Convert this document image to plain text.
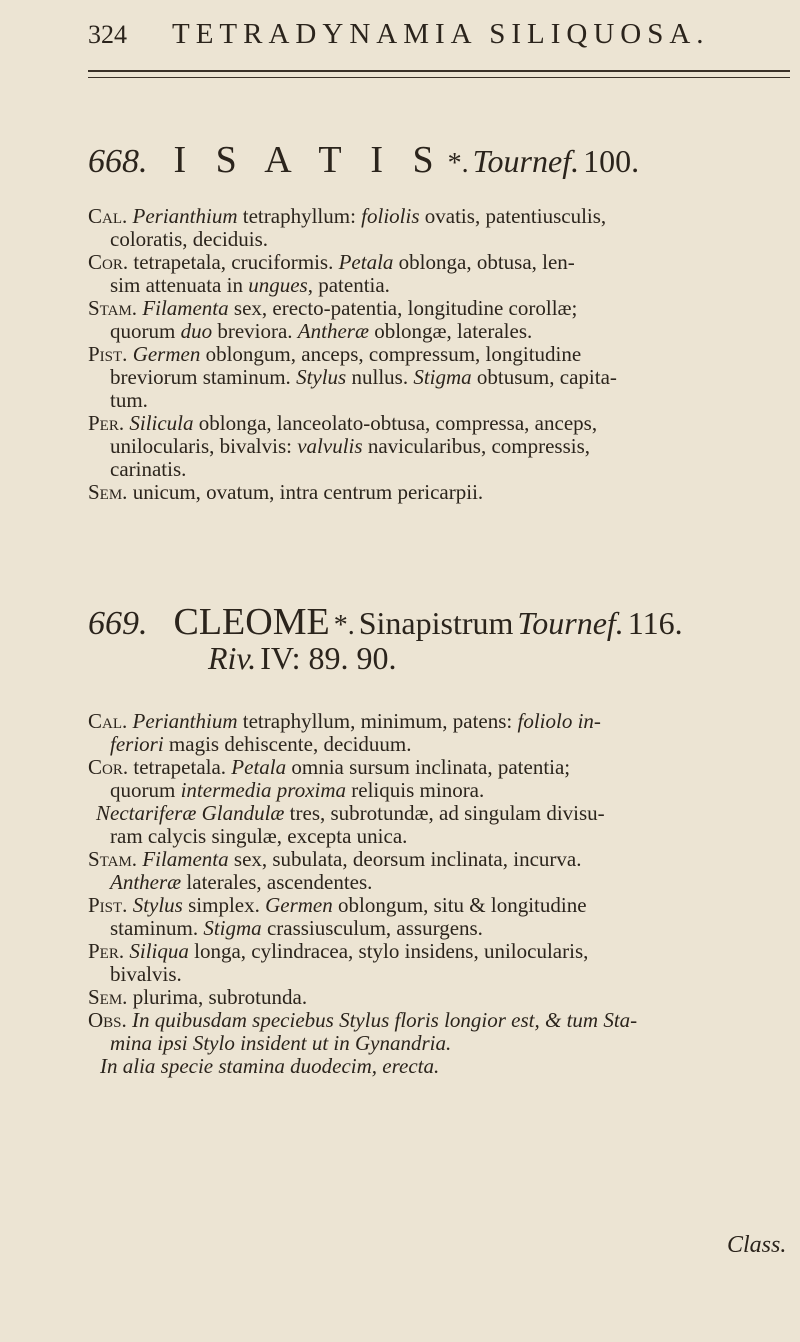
324 TETRADYNAMIA SILIQUOSA.
668. I S A T I S *. Tournef. 100.
Cal. Perianthium tetraphyllum: foliolis ovatis, patentiusculis,
coloratis, deciduis.
Cor. tetrapetala, cruciformis. Petala oblonga, obtusa, len-
sim attenuata in ungues, patentia.
Stam. Filamenta sex, erecto-patentia, longitudine corollæ;
quorum duo breviora. Antheræ oblongæ, laterales.
Pist. Germen oblongum, anceps, compressum, longitudine
breviorum staminum. Stylus nullus. Stigma obtusum, capita-
tum.
Per. Silicula oblonga, lanceolato-obtusa, compressa, anceps,
unilocularis, bivalvis: valvulis navicularibus, compressis,
carinatis.
Sem. unicum, ovatum, intra centrum pericarpii.
669. CLEOME *. Sinapistrum Tournef. 116.
Riv. IV: 89. 90.
Cal. Perianthium tetraphyllum, minimum, patens: foliolo in-
feriori magis dehiscente, deciduum.
Cor. tetrapetala. Petala omnia sursum inclinata, patentia;
quorum intermedia proxima reliquis minora.
Nectariferæ Glandulæ tres, subrotundæ, ad singulam divisu-
ram calycis singulæ, excepta unica.
Stam. Filamenta sex, subulata, deorsum inclinata, incurva.
Antheræ laterales, ascendentes.
Pist. Stylus simplex. Germen oblongum, situ & longitudine
staminum. Stigma crassiusculum, assurgens.
Per. Siliqua longa, cylindracea, stylo insidens, unilocularis,
bivalvis.
Sem. plurima, subrotunda.
Obs. In quibusdam speciebus Stylus floris longior est, & tum Sta-
mina ipsi Stylo insident ut in Gynandria.
In alia specie stamina duodecim, erecta.
Class.
